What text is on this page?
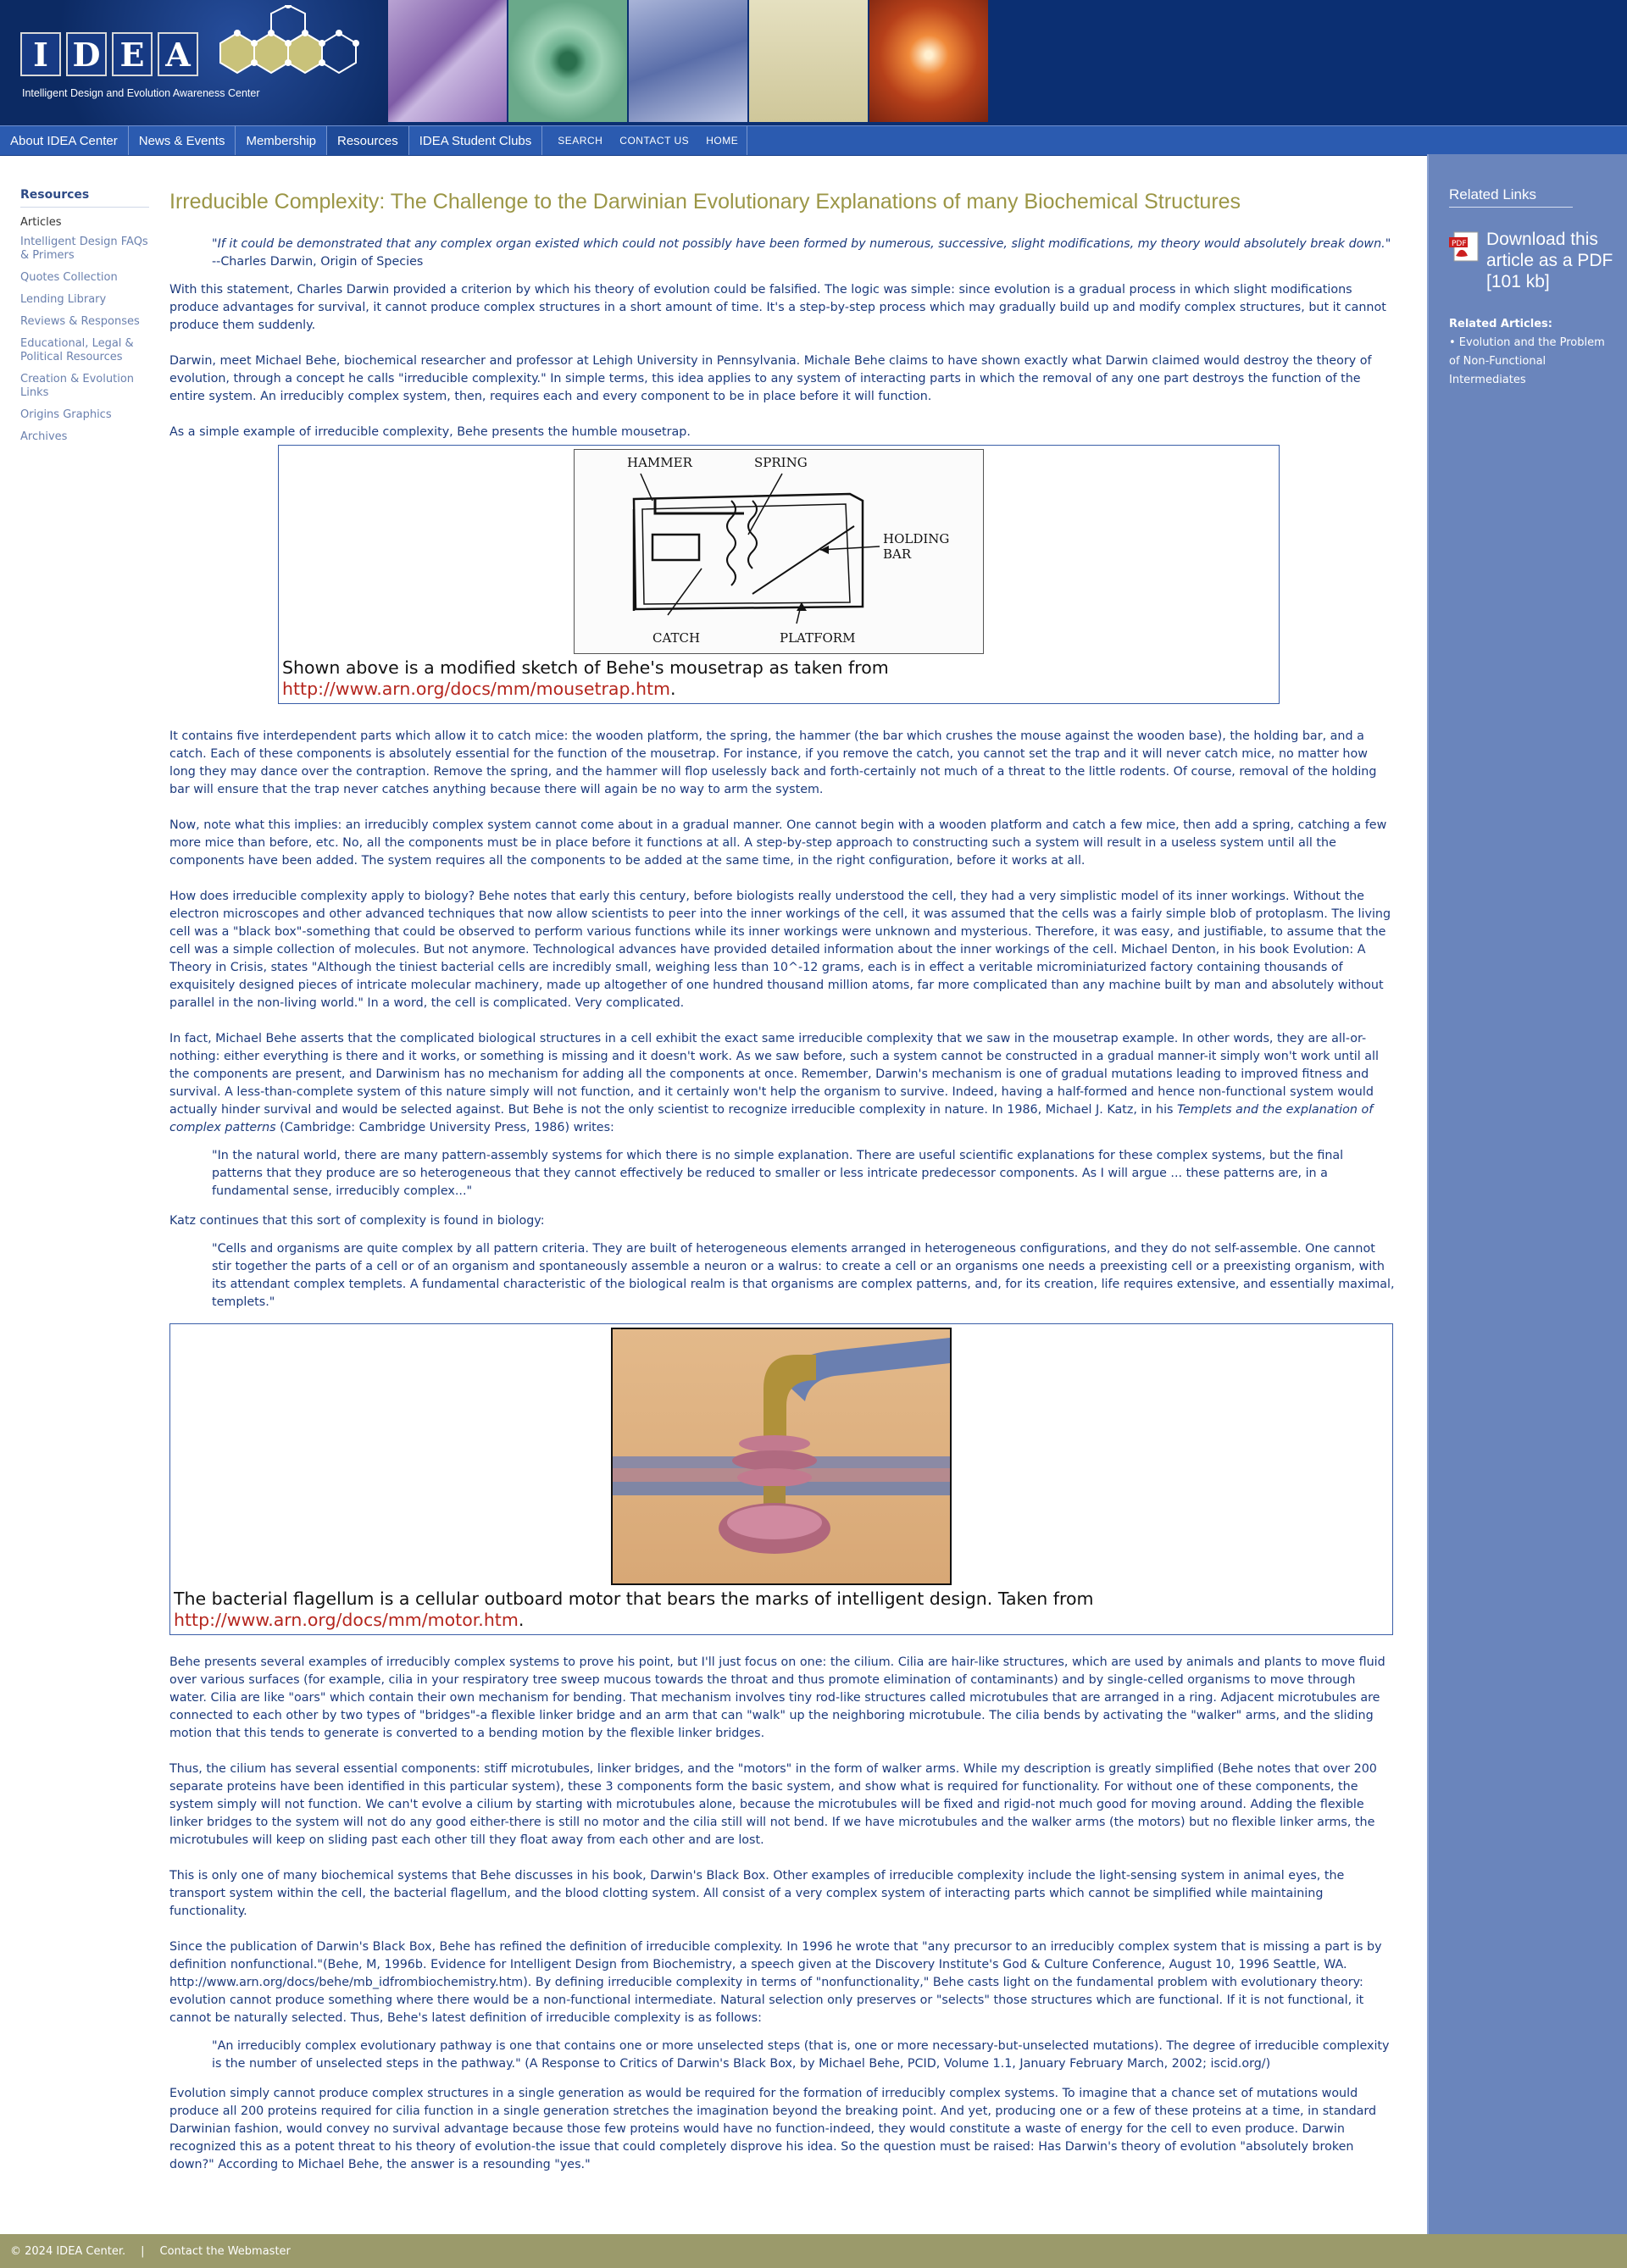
I D E A
Intelligent Design and Evolution Awareness Center
About IDEA Center	News & Events	Membership	Resources	IDEA Student Clubs	SEARCH	CONTACT US	HOME
Resources
Articles
Intelligent Design FAQs & Primers
Quotes Collection
Lending Library
Reviews & Responses
Educational, Legal & Political Resources
Creation & Evolution Links
Origins Graphics
Archives
Related Links
PDF Download this article as a PDF [101 kb]
Related Articles:
• Evolution and the Problem of Non-Functional Intermediates
Irreducible Complexity: The Challenge to the Darwinian Evolutionary Explanations of many Biochemical Structures
"If it could be demonstrated that any complex organ existed which could not possibly have been formed by numerous, successive, slight modifications, my theory would absolutely break down."
--Charles Darwin, Origin of Species

With this statement, Charles Darwin provided a criterion by which his theory of evolution could be falsified. The logic was simple: since evolution is a gradual process in which slight modifications produce advantages for survival, it cannot produce complex structures in a short amount of time. It's a step-by-step process which may gradually build up and modify complex structures, but it cannot produce them suddenly.

Darwin, meet Michael Behe, biochemical researcher and professor at Lehigh University in Pennsylvania. Michale Behe claims to have shown exactly what Darwin claimed would destroy the theory of evolution, through a concept he calls "irreducible complexity." In simple terms, this idea applies to any system of interacting parts in which the removal of any one part destroys the function of the entire system. An irreducibly complex system, then, requires each and every component to be in place before it will function.

As a simple example of irreducible complexity, Behe presents the humble mousetrap.

HAMMER	SPRING
HOLDING
BAR
CATCH	PLATFORM
Shown above is a modified sketch of Behe's mousetrap as taken from http://www.arn.org/docs/mm/mousetrap.htm.

It contains five interdependent parts which allow it to catch mice: the wooden platform, the spring, the hammer (the bar which crushes the mouse against the wooden base), the holding bar, and a catch. Each of these components is absolutely essential for the function of the mousetrap. For instance, if you remove the catch, you cannot set the trap and it will never catch mice, no matter how long they may dance over the contraption. Remove the spring, and the hammer will flop uselessly back and forth-certainly not much of a threat to the little rodents. Of course, removal of the holding bar will ensure that the trap never catches anything because there will again be no way to arm the system.

Now, note what this implies: an irreducibly complex system cannot come about in a gradual manner. One cannot begin with a wooden platform and catch a few mice, then add a spring, catching a few more mice than before, etc. No, all the components must be in place before it functions at all. A step-by-step approach to constructing such a system will result in a useless system until all the components have been added. The system requires all the components to be added at the same time, in the right configuration, before it works at all.

How does irreducible complexity apply to biology? Behe notes that early this century, before biologists really understood the cell, they had a very simplistic model of its inner workings. Without the electron microscopes and other advanced techniques that now allow scientists to peer into the inner workings of the cell, it was assumed that the cells was a fairly simple blob of protoplasm. The living cell was a "black box"-something that could be observed to perform various functions while its inner workings were unknown and mysterious. Therefore, it was easy, and justifiable, to assume that the cell was a simple collection of molecules. But not anymore. Technological advances have provided detailed information about the inner workings of the cell. Michael Denton, in his book Evolution: A Theory in Crisis, states "Although the tiniest bacterial cells are incredibly small, weighing less than 10^-12 grams, each is in effect a veritable microminiaturized factory containing thousands of exquisitely designed pieces of intricate molecular machinery, made up altogether of one hundred thousand million atoms, far more complicated than any machine built by man and absolutely without parallel in the non-living world." In a word, the cell is complicated. Very complicated.

In fact, Michael Behe asserts that the complicated biological structures in a cell exhibit the exact same irreducible complexity that we saw in the mousetrap example. In other words, they are all-or-nothing: either everything is there and it works, or something is missing and it doesn't work. As we saw before, such a system cannot be constructed in a gradual manner-it simply won't work until all the components are present, and Darwinism has no mechanism for adding all the components at once. Remember, Darwin's mechanism is one of gradual mutations leading to improved fitness and survival. A less-than-complete system of this nature simply will not function, and it certainly won't help the organism to survive. Indeed, having a half-formed and hence non-functional system would actually hinder survival and would be selected against. But Behe is not the only scientist to recognize irreducible complexity in nature. In 1986, Michael J. Katz, in his Templets and the explanation of complex patterns (Cambridge: Cambridge University Press, 1986) writes:

"In the natural world, there are many pattern-assembly systems for which there is no simple explanation. There are useful scientific explanations for these complex systems, but the final patterns that they produce are so heterogeneous that they cannot effectively be reduced to smaller or less intricate predecessor components. As I will argue ... these patterns are, in a fundamental sense, irreducibly complex..."

Katz continues that this sort of complexity is found in biology:

"Cells and organisms are quite complex by all pattern criteria. They are built of heterogeneous elements arranged in heterogeneous configurations, and they do not self-assemble. One cannot stir together the parts of a cell or of an organism and spontaneously assemble a neuron or a walrus: to create a cell or an organisms one needs a preexisting cell or a preexisting organism, with its attendant complex templets. A fundamental characteristic of the biological realm is that organisms are complex patterns, and, for its creation, life requires extensive, and essentially maximal, templets."
The bacterial flagellum is a cellular outboard motor that bears the marks of intelligent design. Taken from http://www.arn.org/docs/mm/motor.htm.

Behe presents several examples of irreducibly complex systems to prove his point, but I'll just focus on one: the cilium. Cilia are hair-like structures, which are used by animals and plants to move fluid over various surfaces (for example, cilia in your respiratory tree sweep mucous towards the throat and thus promote elimination of contaminants) and by single-celled organisms to move through water. Cilia are like "oars" which contain their own mechanism for bending. That mechanism involves tiny rod-like structures called microtubules that are arranged in a ring. Adjacent microtubules are connected to each other by two types of "bridges"-a flexible linker bridge and an arm that can "walk" up the neighboring microtubule. The cilia bends by activating the "walker" arms, and the sliding motion that this tends to generate is converted to a bending motion by the flexible linker bridges.

Thus, the cilium has several essential components: stiff microtubules, linker bridges, and the "motors" in the form of walker arms. While my description is greatly simplified (Behe notes that over 200 separate proteins have been identified in this particular system), these 3 components form the basic system, and show what is required for functionality. For without one of these components, the system simply will not function. We can't evolve a cilium by starting with microtubules alone, because the microtubules will be fixed and rigid-not much good for moving around. Adding the flexible linker bridges to the system will not do any good either-there is still no motor and the cilia still will not bend. If we have microtubules and the walker arms (the motors) but no flexible linker arms, the microtubules will keep on sliding past each other till they float away from each other and are lost.

This is only one of many biochemical systems that Behe discusses in his book, Darwin's Black Box. Other examples of irreducible complexity include the light-sensing system in animal eyes, the transport system within the cell, the bacterial flagellum, and the blood clotting system. All consist of a very complex system of interacting parts which cannot be simplified while maintaining functionality.

Since the publication of Darwin's Black Box, Behe has refined the definition of irreducible complexity. In 1996 he wrote that "any precursor to an irreducibly complex system that is missing a part is by definition nonfunctional."(Behe, M, 1996b. Evidence for Intelligent Design from Biochemistry, a speech given at the Discovery Institute's God & Culture Conference, August 10, 1996 Seattle, WA. http://www.arn.org/docs/behe/mb_idfrombiochemistry.htm). By defining irreducible complexity in terms of "nonfunctionality," Behe casts light on the fundamental problem with evolutionary theory: evolution cannot produce something where there would be a non-functional intermediate. Natural selection only preserves or "selects" those structures which are functional. If it is not functional, it cannot be naturally selected. Thus, Behe's latest definition of irreducible complexity is as follows:

"An irreducibly complex evolutionary pathway is one that contains one or more unselected steps (that is, one or more necessary-but-unselected mutations). The degree of irreducible complexity is the number of unselected steps in the pathway." (A Response to Critics of Darwin's Black Box, by Michael Behe, PCID, Volume 1.1, January February March, 2002; iscid.org/)

Evolution simply cannot produce complex structures in a single generation as would be required for the formation of irreducibly complex systems. To imagine that a chance set of mutations would produce all 200 proteins required for cilia function in a single generation stretches the imagination beyond the breaking point. And yet, producing one or a few of these proteins at a time, in standard Darwinian fashion, would convey no survival advantage because those few proteins would have no function-indeed, they would constitute a waste of energy for the cell to even produce. Darwin recognized this as a potent threat to his theory of evolution-the issue that could completely disprove his idea. So the question must be raised: Has Darwin's theory of evolution "absolutely broken down?" According to Michael Behe, the answer is a resounding "yes."

© 2024 IDEA Center. | Contact the Webmaster
